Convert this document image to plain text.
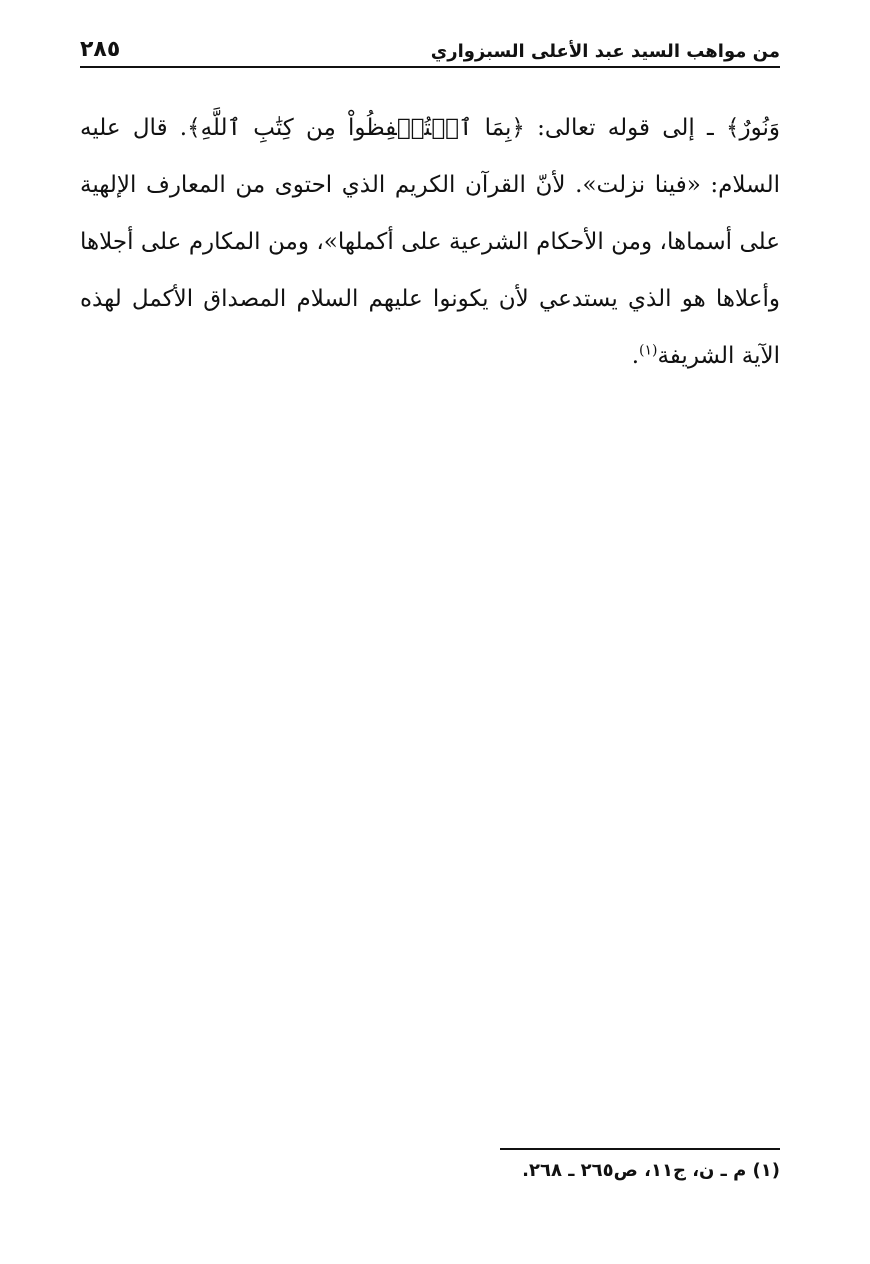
٢٨٥	من مواهب السيد عبد الأعلى السبزواري

وَنُورٌ﴾ ـ إلى قوله تعالى: ﴿بِمَا ٱسۡتُحۡفِظُواْ مِن كِتَٰبِ ٱللَّهِ﴾. قال عليه السلام: «فينا نزلت». لأنّ القرآن الكريم الذي احتوى من المعارف الإلهية على أسماها، ومن الأحكام الشرعية على أكملها»، ومن المكارم على أجلاها وأعلاها هو الذي يستدعي لأن يكونوا عليهم السلام المصداق الأكمل لهذه الآية الشريفة$^{(١)}$.

(١) م ـ ن، ج١١، ص٢٦٥ ـ ٢٦٨.
